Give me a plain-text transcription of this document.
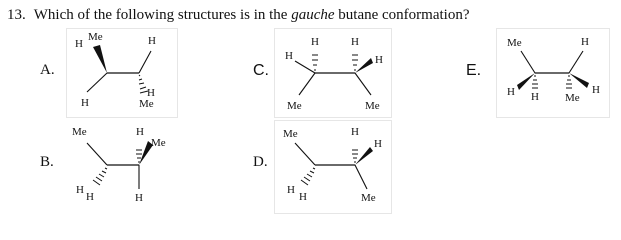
13. Which of the following structures is in the gauche butane conformation?
A.
Me
H	H
H
H
Me
B.
Me	H
Me
H
H	H
C.
H
H
H
H
Me	Me
D.
Me	H
H
H
H	Me
E.
Me	H
H H
H
Me
